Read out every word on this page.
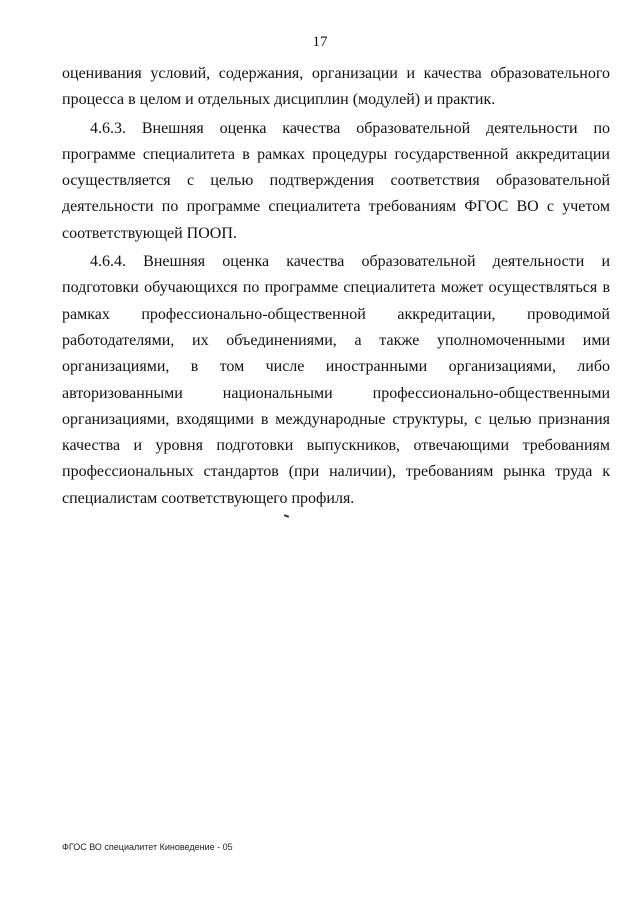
17

оценивания условий, содержания, организации и качества образовательного процесса в целом и отдельных дисциплин (модулей) и практик.

4.6.3. Внешняя оценка качества образовательной деятельности по программе специалитета в рамках процедуры государственной аккредитации осуществляется с целью подтверждения соответствия образовательной деятельности по программе специалитета требованиям ФГОС ВО с учетом соответствующей ПООП.

4.6.4. Внешняя оценка качества образовательной деятельности и подготовки обучающихся по программе специалитета может осуществляться в рамках профессионально-общественной аккредитации, проводимой работодателями, их объединениями, а также уполномоченными ими организациями, в том числе иностранными организациями, либо авторизованными национальными профессионально-общественными организациями, входящими в международные структуры, с целью признания качества и уровня подготовки выпускников, отвечающими требованиям профессиональных стандартов (при наличии), требованиям рынка труда к специалистам соответствующего профиля.

ФГОС ВО специалитет Киноведение - 05
